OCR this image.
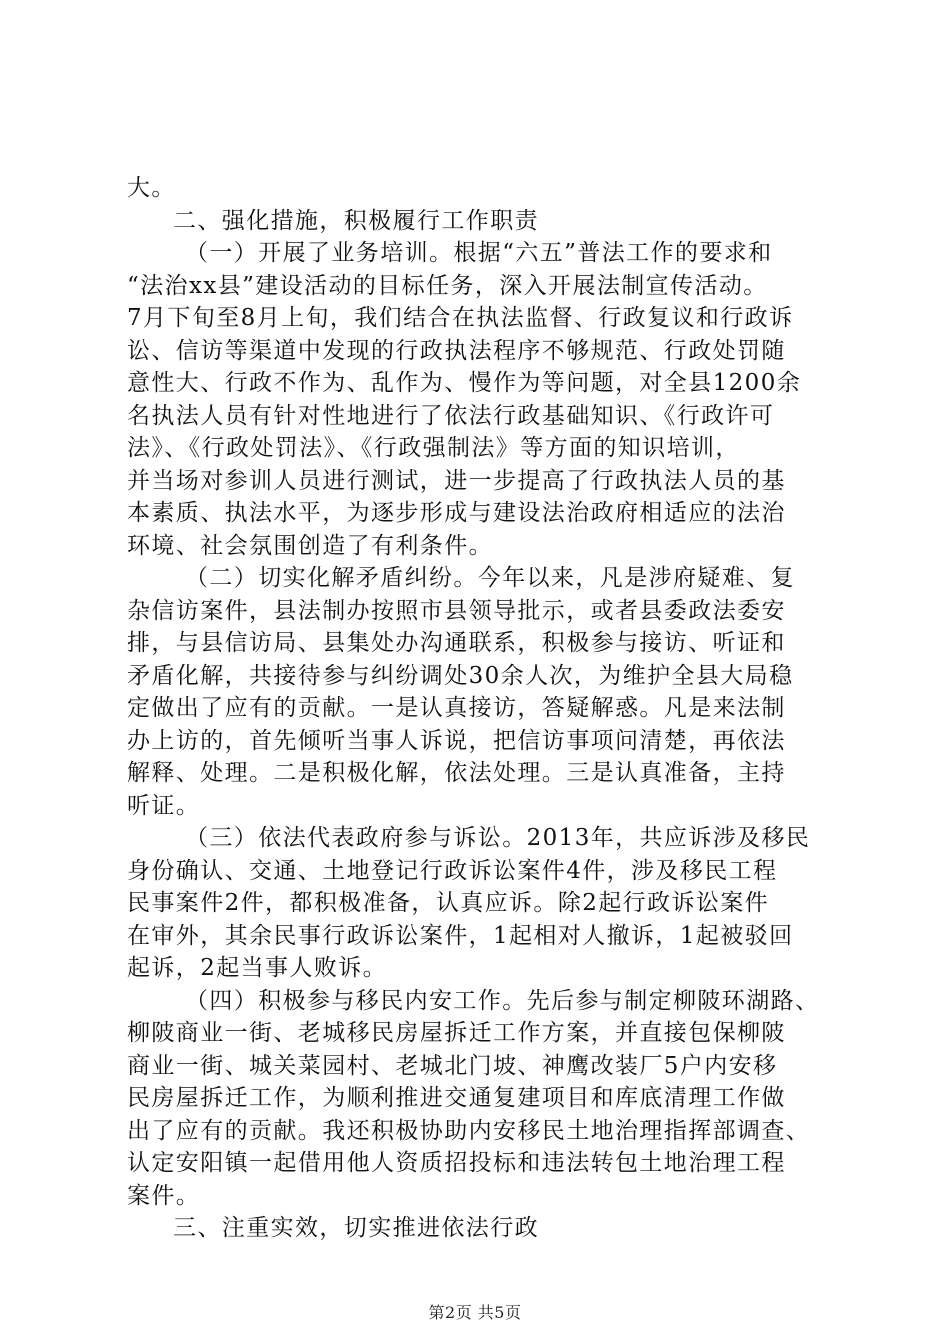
大。
二、强化措施，积极履行工作职责
（一）开展了业务培训。根据“六五”普法工作的要求和
“法治xx县”建设活动的目标任务，深入开展法制宣传活动。
7月下旬至8月上旬，我们结合在执法监督、行政复议和行政诉
讼、信访等渠道中发现的行政执法程序不够规范、行政处罚随
意性大、行政不作为、乱作为、慢作为等问题，对全县1200余
名执法人员有针对性地进行了依法行政基础知识、《行政许可
法》、《行政处罚法》、《行政强制法》等方面的知识培训，
并当场对参训人员进行测试，进一步提高了行政执法人员的基
本素质、执法水平，为逐步形成与建设法治政府相适应的法治
环境、社会氛围创造了有利条件。
（二）切实化解矛盾纠纷。今年以来，凡是涉府疑难、复
杂信访案件，县法制办按照市县领导批示，或者县委政法委安
排，与县信访局、县集处办沟通联系，积极参与接访、听证和
矛盾化解，共接待参与纠纷调处30余人次，为维护全县大局稳
定做出了应有的贡献。一是认真接访，答疑解惑。凡是来法制
办上访的，首先倾听当事人诉说，把信访事项问清楚，再依法
解释、处理。二是积极化解，依法处理。三是认真准备，主持
听证。
（三）依法代表政府参与诉讼。2013年，共应诉涉及移民
身份确认、交通、土地登记行政诉讼案件4件，涉及移民工程
民事案件2件，都积极准备，认真应诉。除2起行政诉讼案件
在审外，其余民事行政诉讼案件，1起相对人撤诉，1起被驳回
起诉，2起当事人败诉。
（四）积极参与移民内安工作。先后参与制定柳陂环湖路、
柳陂商业一街、老城移民房屋拆迁工作方案，并直接包保柳陂
商业一街、城关菜园村、老城北门坡、神鹰改装厂5户内安移
民房屋拆迁工作，为顺利推进交通复建项目和库底清理工作做
出了应有的贡献。我还积极协助内安移民土地治理指挥部调查、
认定安阳镇一起借用他人资质招投标和违法转包土地治理工程
案件。
三、注重实效，切实推进依法行政
第2页 共5页
